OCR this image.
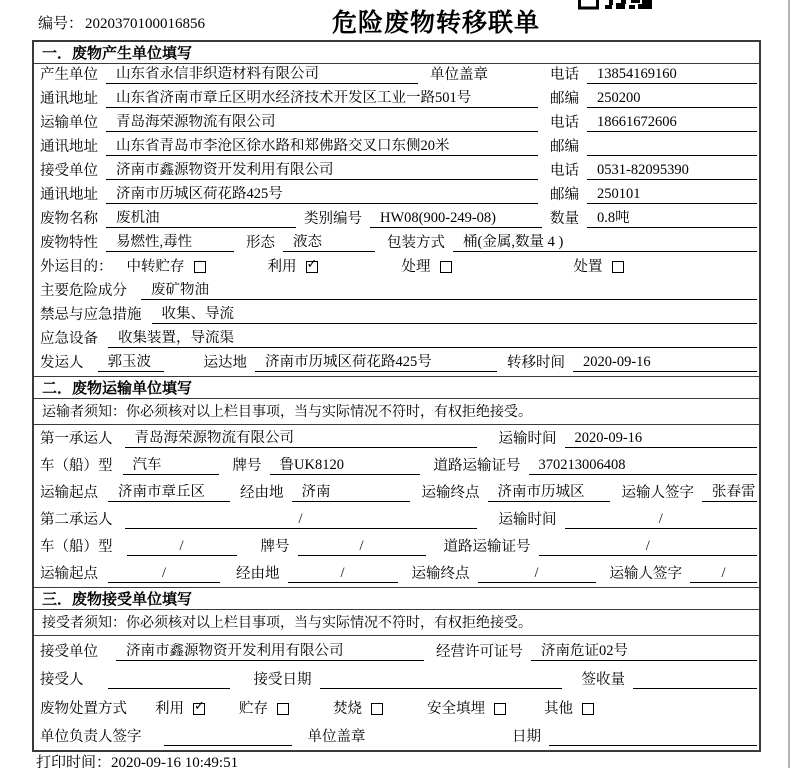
编号： 2020370100016856	危险废物转移联单
一．废物产生单位填写
产生单位	山东省永信非织造材料有限公司	单位盖章	电话	13854169160
通讯地址	山东省济南市章丘区明水经济技术开发区工业一路501号	邮编	250200
运输单位	青岛海荣源物流有限公司	电话	18661672606
通讯地址	山东省青岛市李沧区徐水路和郑佛路交叉口东侧20米	邮编
接受单位	济南市鑫源物资开发利用有限公司	电话	0531-82095390
通讯地址	济南市历城区荷花路425号	邮编	250101
废物名称	废机油	类别编号	HW08(900-249-08)	数量	0.8吨
废物特性	易燃性,毒性	形态	液态	包装方式	桶(金属,数量 4 )
外运目的： 中转贮存	利用 ✓	处理	处置
主要危险成分	废矿物油
禁忌与应急措施	收集、导流
应急设备	收集装置，导流渠
发运人	郭玉波	运达地	济南市历城区荷花路425号	转移时间	2020-09-16
二．废物运输单位填写
运输者须知：你必须核对以上栏目事项，当与实际情况不符时，有权拒绝接受。
第一承运人	青岛海荣源物流有限公司	运输时间	2020-09-16
车（船）型	汽车	牌号	鲁UK8120	道路运输证号	370213006408
运输起点	济南市章丘区	经由地	济南	运输终点	济南市历城区	运输人签字	张春雷
第二承运人	/	运输时间	/
车（船）型	/	牌号	/	道路运输证号	/
运输起点	/	经由地	/	运输终点	/	运输人签字	/
三．废物接受单位填写
接受者须知：你必须核对以上栏目事项，当与实际情况不符时，有权拒绝接受。
接受单位	济南市鑫源物资开发利用有限公司	经营许可证号	济南危证02号
接受人	接受日期	签收量
废物处置方式 利用 ✓ 贮存	焚烧	安全填埋	其他
单位负责人签字	单位盖章	日期
打印时间：2020-09-16 10:49:51
